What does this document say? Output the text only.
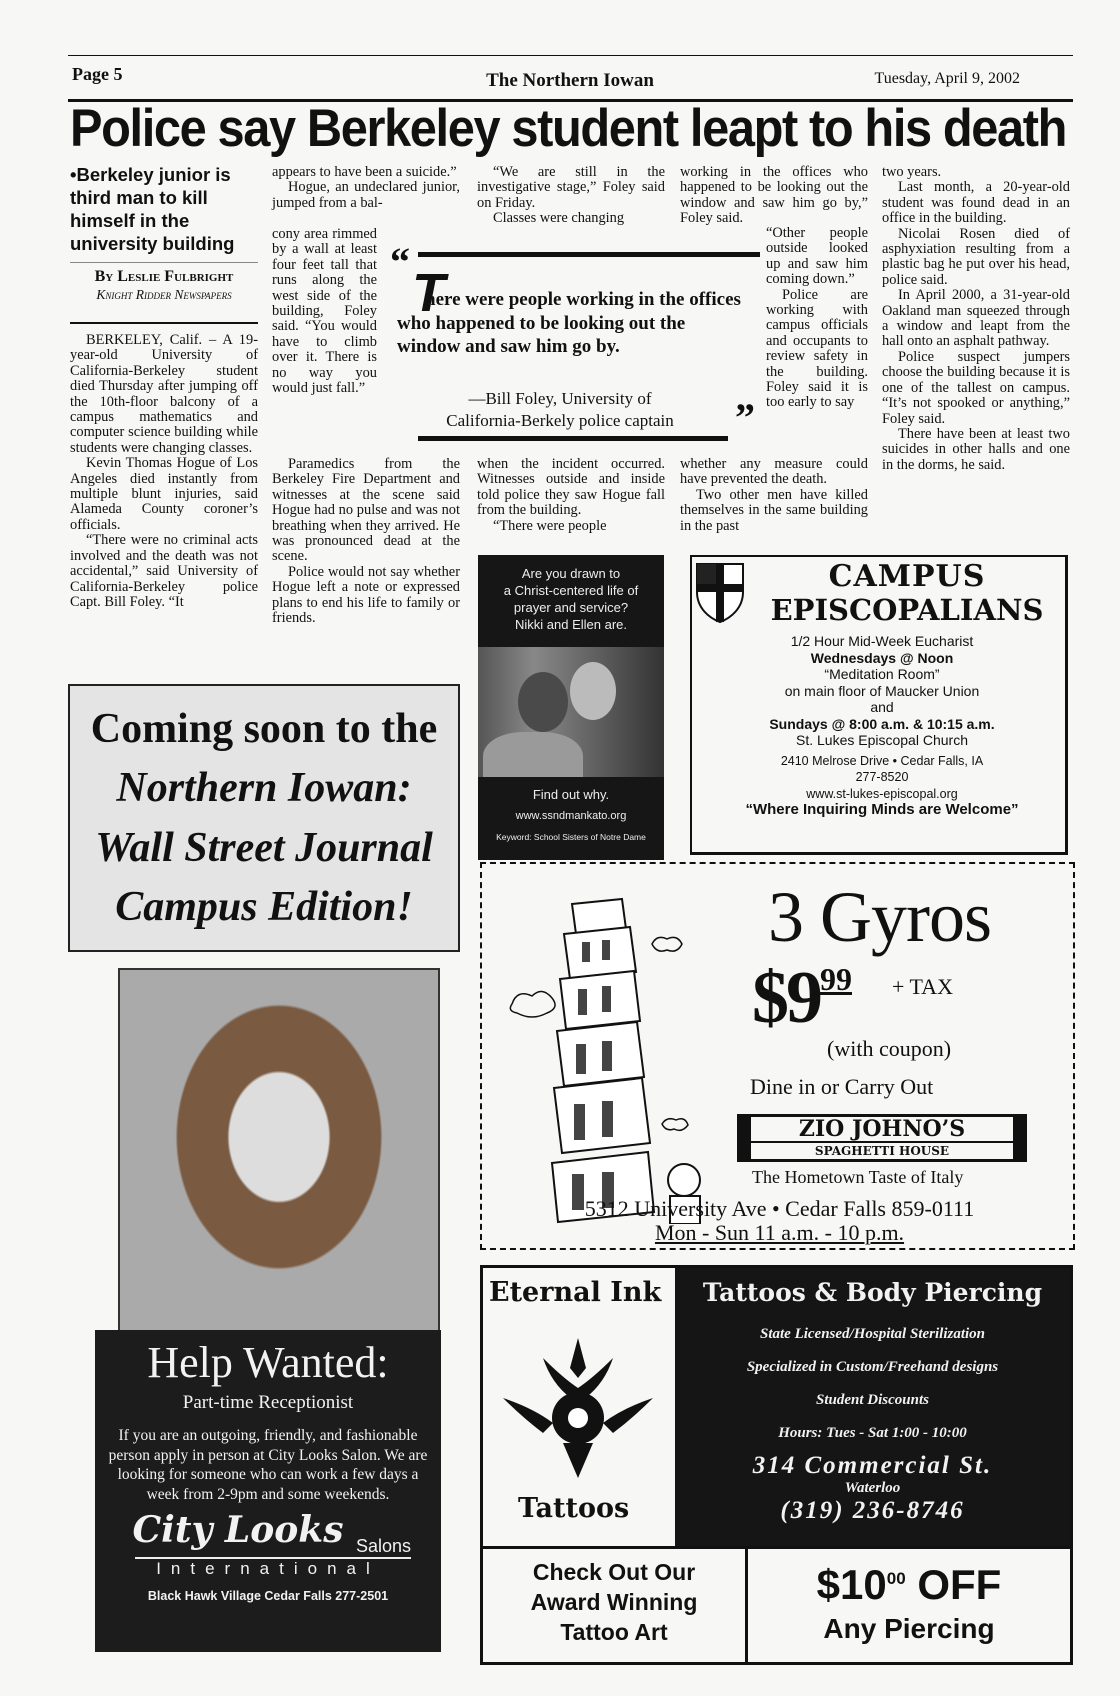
Page 5	The Northern Iowan	Tuesday, April 9, 2002
Police say Berkeley student leapt to his death
•Berkeley junior is third man to kill himself in the university building
By Leslie Fulbright
Knight Ridder Newspapers

BERKELEY, Calif. – A 19-year-old University of California-Berkeley student died Thursday after jumping off the 10th-floor balcony of a campus mathematics and computer science building while students were changing classes.

Kevin Thomas Hogue of Los Angeles died instantly from multiple blunt injuries, said Alameda County coroner’s officials.

“There were no criminal acts involved and the death was not accidental,” said University of California-Berkeley police Capt. Bill Foley. “It

appears to have been a suicide.”

Hogue, an undeclared junior, jumped from a bal-

cony area rimmed by a wall at least four feet tall that runs along the west side of the building, Foley said. “You would have to climb over it. There is no way you would just fall.”

Paramedics from the Berkeley Fire Department and witnesses at the scene said Hogue had no pulse and was not breathing when they arrived. He was pronounced dead at the scene.

Police would not say whether Hogue left a note or expressed plans to end his life to family or friends.

“We are still in the investigative stage,” Foley said on Friday.

Classes were changing

when the incident occurred. Witnesses outside and inside told police they saw Hogue fall from the building.

“There were people

working in the offices who happened to be looking out the window and saw him go by,” Foley said.

“Other people outside looked up and saw him coming down.”

Police are working with campus officials and occupants to review safety in the building. Foley said it is too early to say

whether any measure could have prevented the death.

Two other men have killed themselves in the same building in the past

two years.

Last month, a 20-year-old student was found dead in an office in the building.

Nicolai Rosen died of asphyxiation resulting from a plastic bag he put over his head, police said.

In April 2000, a 31-year-old Oakland man squeezed through a window and leapt from the hall onto an asphalt pathway.

Police suspect jumpers choose the building because it is one of the tallest on campus. “It’s not spooked or anything,” Foley said.

There have been at least two suicides in other halls and one in the dorms, he said.

“
T
here were people working in the offices who happened to be looking out the window and saw him go by.
—Bill Foley, University of
California-Berkely police captain	”
Are you drawn to
a Christ-centered life of
prayer and service?
Nikki and Ellen are.
Find out why.
www.ssndmankato.org
Keyword: School Sisters of Notre Dame
CAMPUS
EPISCOPALIANS
1/2 Hour Mid-Week Eucharist
Wednesdays @ Noon
“Meditation Room”
on main floor of Maucker Union
and
Sundays @ 8:00 a.m. & 10:15 a.m.
St. Lukes Episcopal Church
2410 Melrose Drive • Cedar Falls, IA
277-8520
www.st-lukes-episcopal.org
“Where Inquiring Minds are Welcome”
Coming soon to the
Northern Iowan:
Wall Street Journal
Campus Edition!	3 Gyros
$\$9^{99}$ + TAX
(with coupon)
Dine in or Carry Out
ZIO JOHNO’S
SPAGHETTI HOUSE
The Hometown Taste of Italy
5312 University Ave • Cedar Falls 859-0111
Mon - Sun 11 a.m. - 10 p.m.
Help Wanted:
Part-time Receptionist
If you are an outgoing, friendly, and fashionable person apply in person at City Looks Salon. We are looking for someone who can work a few days a week from 2-9pm and some weekends.
City Looks Salons
International
Black Hawk Village Cedar Falls 277-2501
Eternal Ink	Tattoos & Body Piercing
State Licensed/Hospital Sterilization
Specialized in Custom/Freehand designs
Student Discounts
Hours: Tues - Sat 1:00 - 10:00
314 Commercial St.
Waterloo
(319) 236-8746
Tattoos
Check Out Our
Award Winning
Tattoo Art
$\$10^{00}$ OFF
Any Piercing
